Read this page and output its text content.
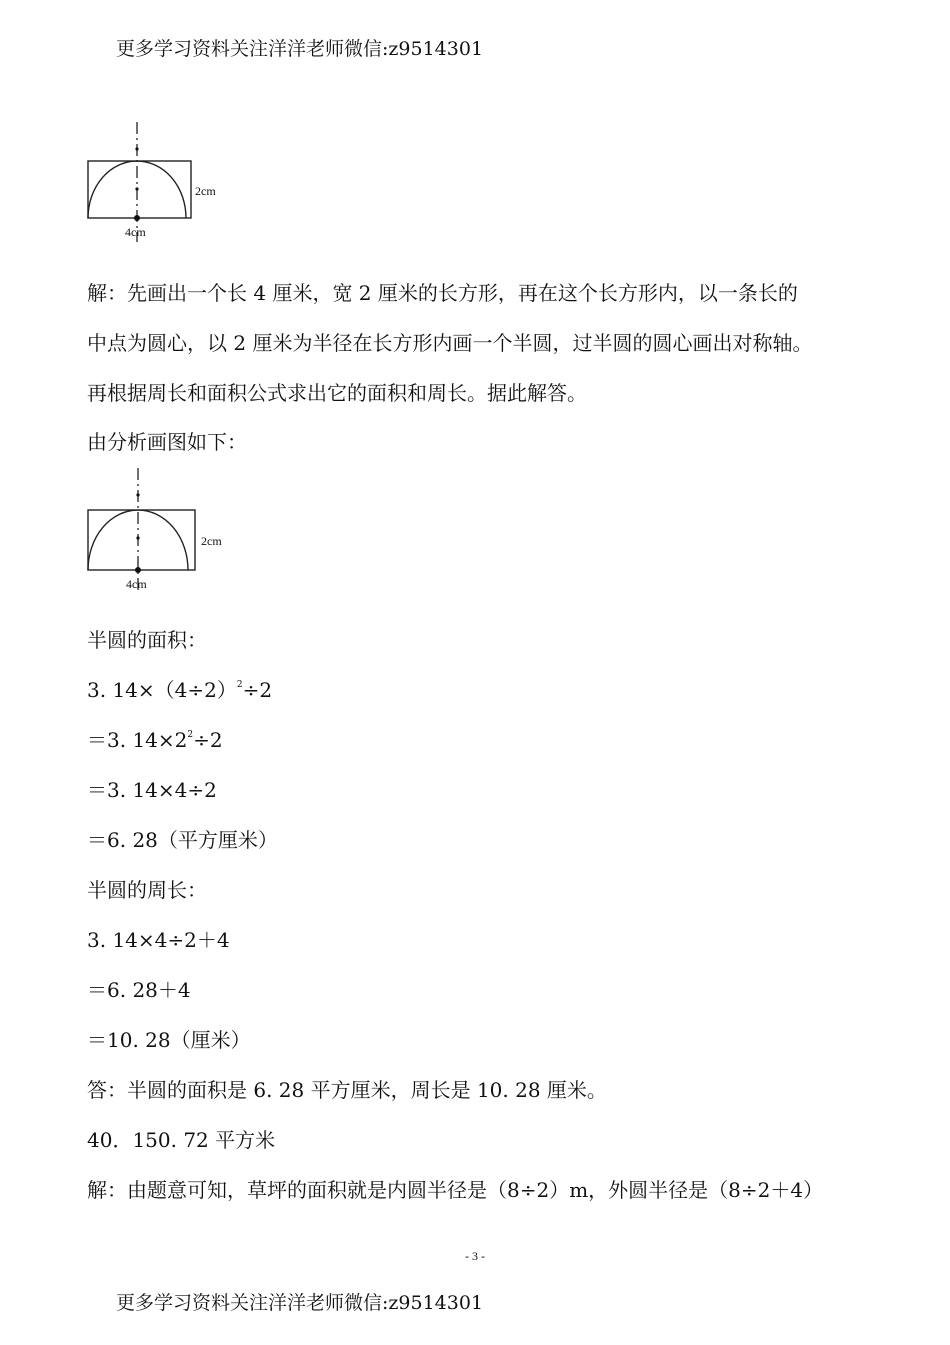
更多学习资料关注洋洋老师微信:z9514301
2cm
4cm
解：先画出一个长 4 厘米，宽 2 厘米的长方形，再在这个长方形内，以一条长的
中点为圆心，以 2 厘米为半径在长方形内画一个半圆，过半圆的圆心画出对称轴。
再根据周长和面积公式求出它的面积和周长。据此解答。
由分析画图如下：
2cm
4cm
半圆的面积：
3. $14\times(4\div 2)^2\div 2$
＝3. $14\times 2^2\div 2$
＝3. 14×4÷2
＝6. 28（平方厘米）
半圆的周长：
3. 14×4÷2＋4
＝6. 28＋4
＝10. 28（厘米）
答：半圆的面积是 6. 28 平方厘米，周长是 10. 28 厘米。
40．150. 72 平方米
解：由题意可知，草坪的面积就是内圆半径是（8÷2）m，外圆半径是（8÷2＋4）
- 3 -
更多学习资料关注洋洋老师微信:z9514301
